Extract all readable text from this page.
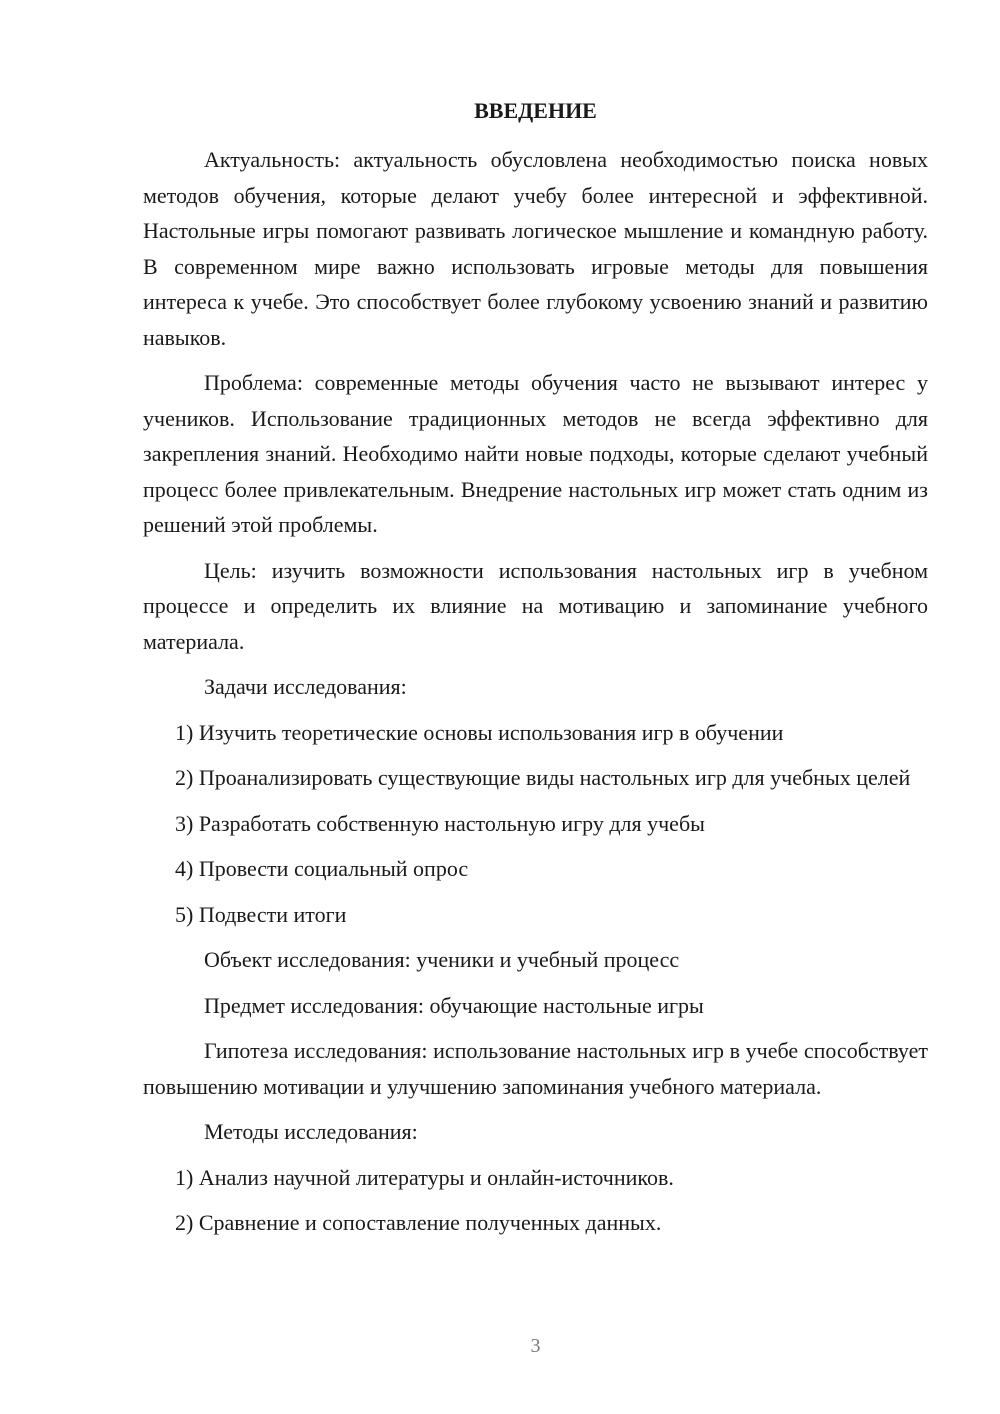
ВВЕДЕНИЕ

Актуальность: актуальность обусловлена необходимостью поиска новых методов обучения, которые делают учебу более интересной и эффективной. Настольные игры помогают развивать логическое мышление и командную работу. В современном мире важно использовать игровые методы для повышения интереса к учебе. Это способствует более глубокому усвоению знаний и развитию навыков.

Проблема: современные методы обучения часто не вызывают интерес у учеников. Использование традиционных методов не всегда эффективно для закрепления знаний. Необходимо найти новые подходы, которые сделают учебный процесс более привлекательным. Внедрение настольных игр может стать одним из решений этой проблемы.

Цель: изучить возможности использования настольных игр в учебном процессе и определить их влияние на мотивацию и запоминание учебного материала.

Задачи исследования:

1) Изучить теоретические основы использования игр в обучении

2) Проанализировать существующие виды настольных игр для учебных целей

3) Разработать собственную настольную игру для учебы

4) Провести социальный опрос

5) Подвести итоги

Объект исследования: ученики и учебный процесс

Предмет исследования: обучающие настольные игры

Гипотеза исследования: использование настольных игр в учебе способствует повышению мотивации и улучшению запоминания учебного материала.

Методы исследования:

1) Анализ научной литературы и онлайн-источников.

2) Сравнение и сопоставление полученных данных.

3
